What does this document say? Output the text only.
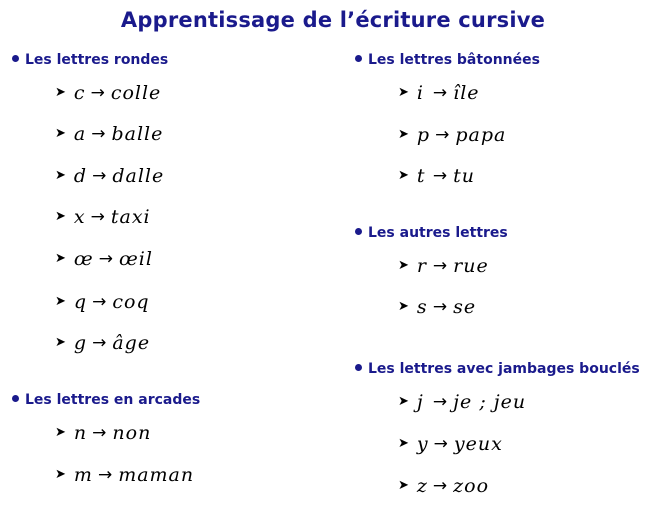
Apprentissage de l’écriture cursive
Les lettres rondes
➤ c → colle
➤ a → balle
➤ d → dalle
➤ x → taxi
➤ œ → œil
➤ q → coq
➤ g → âge
Les lettres en arcades
➤ n → non
➤ m → maman
Les lettres bâtonnées
➤ i → île
➤ p → papa
➤ t → tu
Les autres lettres
➤ r → rue
➤ s → se
Les lettres avec jambages bouclés
➤ j → je ; jeu
➤ y → yeux
➤ z → zoo
